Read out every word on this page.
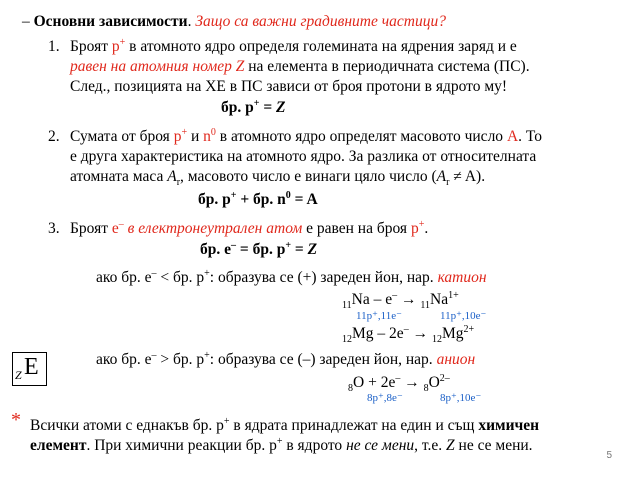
– Основни зависимости. Защо са важни градивните частици?
1. Броят p+ в атомното ядро определя големината на ядрения заряд и е
равен на атомния номер Z на елемента в периодичната система (ПС).
След., позицията на ХЕ в ПС зависи от броя протони в ядрото му!
бр. p+ = Z
2. Сумата от броя p+ и $n^0$ в атомното ядро определят масовото число A. То
е друга характеристика на атомното ядро. За разлика от относителната
атомната маса $A_r$, масовото число е винаги цяло число $(A_r \ne A)$.
бр. p+ + бр. $n^0 = A$
3. Броят e– в електронеутрален атом е равен на броя p+.
бр. e– = бр. p+ = Z
ако бр. e– < бр. p+: образува се (+) зареден йон, нар. катион
$_{11}Na - e^- \to _{11}Na^{1+}$
11p⁺,11e⁻	11p⁺,10e⁻
$_{12}Mg - 2e^- \to _{12}Mg^{2+}$
ако бр. e– > бр. p+: образува се (–) зареден йон, нар. анион
Z E
$_8O + 2e^- \to _8O^{2-}$
8p⁺,8e⁻	8p⁺,10e⁻
* Всички атоми с еднакъв бр. p+ в ядрата принадлежат на един и същ химичен
елемент. При химични реакции бр. p+ в ядрото не се мени, т.е. Z не се мени.
5
